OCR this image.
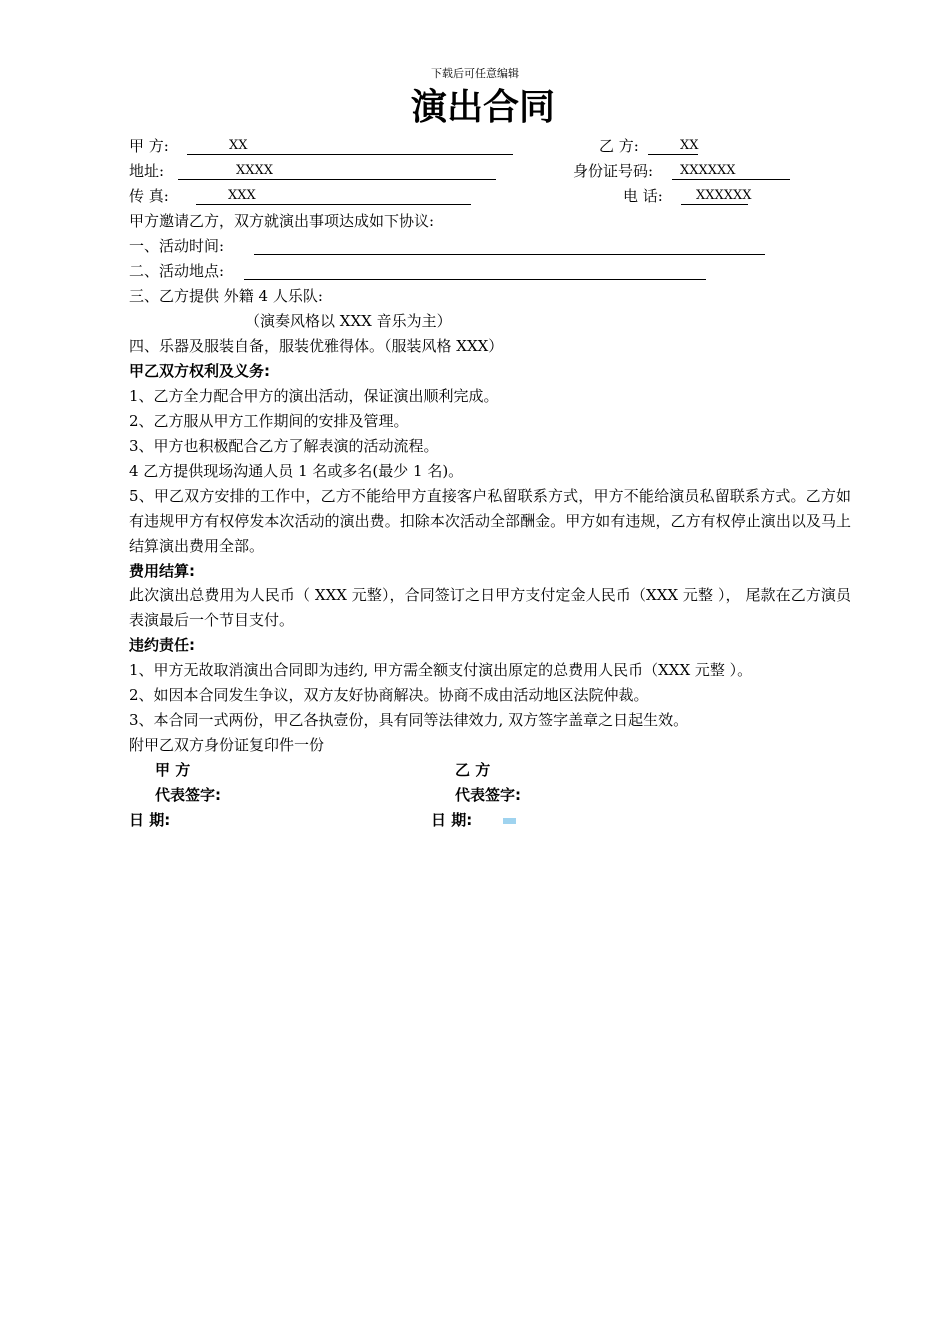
下载后可任意编辑
演出合同
甲 方:	XX	乙 方:	XX
地址:	XXXX	身份证号码: XXXXXX
传 真:	XXX	电 话:	XXXXXX
甲方邀请乙方，双方就演出事项达成如下协议:
一、活动时间:
二、活动地点:
三、乙方提供 外籍 4 人乐队:
（演奏风格以 XXX 音乐为主）
四、乐器及服装自备，服装优雅得体。（服装风格 XXX）
甲乙双方权利及义务:
1、乙方全力配合甲方的演出活动，保证演出顺利完成。
2、乙方服从甲方工作期间的安排及管理。
3、甲方也积极配合乙方了解表演的活动流程。
4 乙方提供现场沟通人员 1 名或多名(最少 1 名)。
5、甲乙双方安排的工作中，乙方不能给甲方直接客户私留联系方式，甲方不能给演员私留联系方式。乙方如有违规甲方有权停发本次活动的演出费。扣除本次活动全部酬金。甲方如有违规，乙方有权停止演出以及马上结算演出费用全部。
费用结算:
此次演出总费用为人民币（ XXX 元整），合同签订之日甲方支付定金人民币（XXX 元整 ）， 尾款在乙方演员表演最后一个节目支付。
违约责任:
1、甲方无故取消演出合同即为违约, 甲方需全额支付演出原定的总费用人民币（XXX 元整 ）。
2、如因本合同发生争议，双方友好协商解决。协商不成由活动地区法院仲裁。
3、本合同一式两份，甲乙各执壹份，具有同等法律效力, 双方签字盖章之日起生效。
附甲乙双方身份证复印件一份
甲 方	乙 方
代表签字:	代表签字:
日 期:	日 期:
